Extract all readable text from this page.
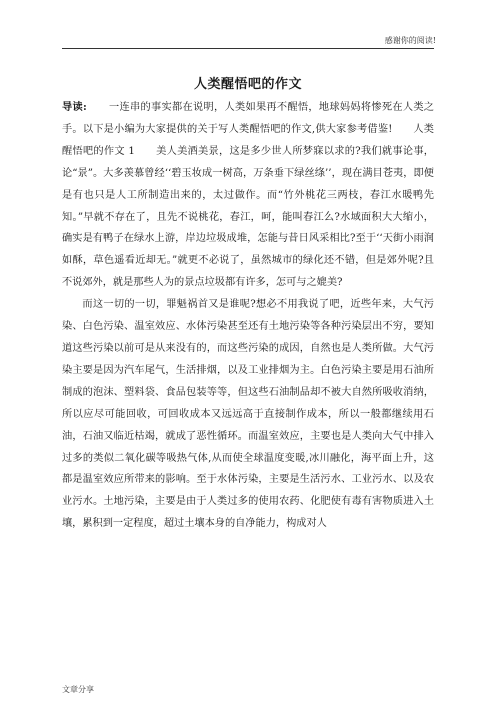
感谢你的阅读!
人类醒悟吧的作文

导读: 一连串的事实都在说明，人类如果再不醒悟，地球妈妈将惨死在人类之手。以下是小编为大家提供的关于写人类醒悟吧的作文,供大家参考借鉴!　　人类醒悟吧的作文 1　　美人美酒美景，这是多少世人所梦寐以求的?我们就事论事，论“景”。大多羡慕曾经‘‘碧玉妆成一树高，万条垂下绿丝绦’’，现在满目苍夷，即便是有也只是人工所制造出来的，太过做作。而“竹外桃花三两枝，春江水暖鸭先知。”早就不存在了，且先不说桃花，春江，呵，能叫春江么?水域面积大大缩小，确实是有鸭子在绿水上游，岸边垃圾成堆，怎能与昔日风采相比?至于‘‘天街小雨润如酥，草色遥看近却无。”就更不必说了，虽然城市的绿化还不错，但是郊外呢?且不说郊外，就是那些人为的景点垃圾都有许多，怎可与之媲美?

而这一切的一切，罪魁祸首又是谁呢?想必不用我说了吧，近些年来，大气污染、白色污染、温室效应、水体污染甚至还有土地污染等各种污染层出不穷，要知道这些污染以前可是从来没有的，而这些污染的成因，自然也是人类所做。大气污染主要是因为汽车尾气，生活排烟，以及工业排烟为主。白色污染主要是用石油所制成的泡沫、塑料袋、食品包装等等，但这些石油制品却不被大自然所吸收消纳，所以应尽可能回收，可回收成本又远远高于直接制作成本，所以一般都继续用石油，石油又临近枯竭，就成了恶性循环。而温室效应，主要也是人类向大气中排入过多的类似二氧化碳等吸热气体,从而使全球温度变暖,冰川融化，海平面上升，这都是温室效应所带来的影响。至于水体污染，主要是生活污水、工业污水、以及农业污水。土地污染，主要是由于人类过多的使用农药、化肥使有毒有害物质进入土壤，累积到一定程度，超过土壤本身的自净能力，构成对人

文章分享
